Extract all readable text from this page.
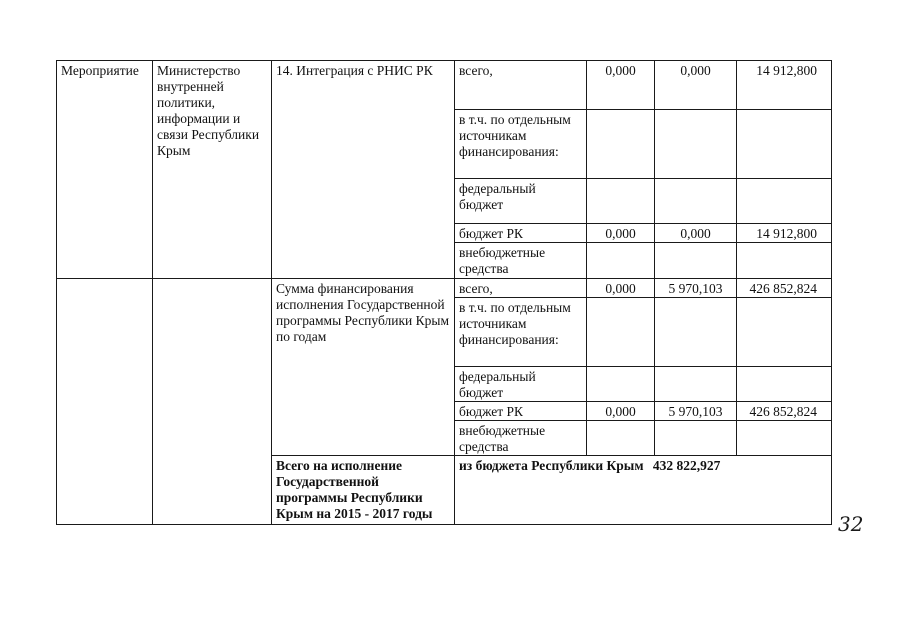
Мероприятие	Министерство внутренней политики, информации и связи Республики Крым	14. Интеграция с РНИС РК	всего,	0,000	0,000	14 912,800
			в т.ч. по отдельным источникам финансирования:			
			федеральный бюджет			
			бюджет РК	0,000	0,000	14 912,800
			внебюджетные средства			
		Сумма финансирования исполнения Государственной программы Республики Крым по годам	всего,	0,000	5 970,103	426 852,824
			в т.ч. по отдельным источникам финансирования:			
			федеральный бюджет			
			бюджет РК	0,000	5 970,103	426 852,824
			внебюджетные средства			
		Всего на исполнение Государственной программы Республики Крым на 2015 - 2017 годы	из бюджета Республики Крым 432 822,927			
32
